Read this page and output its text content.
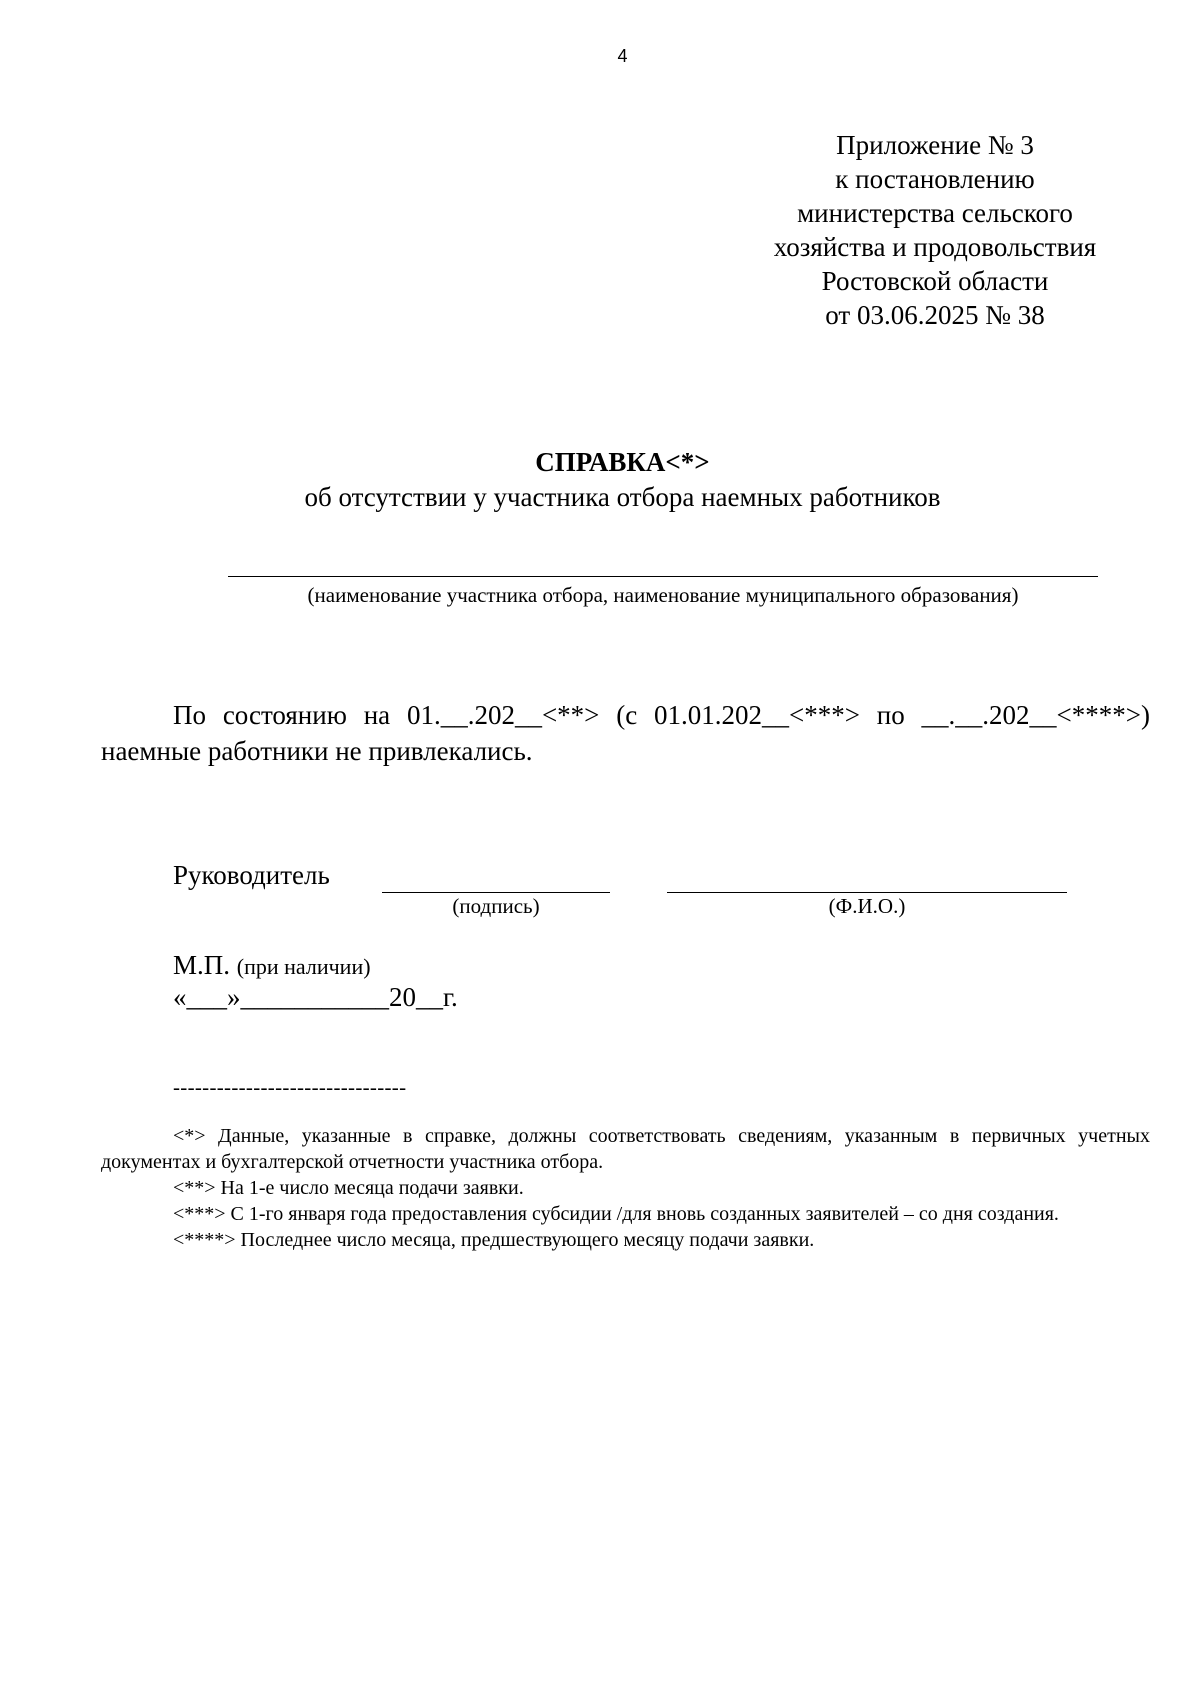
4
Приложение № 3
к постановлению
министерства сельского
хозяйства и продовольствия
Ростовской области
от 03.06.2025 № 38
СПРАВКА<*>
об отсутствии у участника отбора наемных работников
(наименование участника отбора, наименование муниципального образования)
По состоянию на 01.__.202__<**> (с 01.01.202__<***> по __.__.202__<****>) наемные работники не привлекались.
Руководитель
(подпись)	(Ф.И.О.)
М.П. (при наличии)
«___»___________20__г.
--------------------------------
<*> Данные, указанные в справке, должны соответствовать сведениям, указанным в первичных учетных документах и бухгалтерской отчетности участника отбора.
<**> На 1-е число месяца подачи заявки.
<***> С 1-го января года предоставления субсидии /для вновь созданных заявителей – со дня создания.
<****> Последнее число месяца, предшествующего месяцу подачи заявки.
